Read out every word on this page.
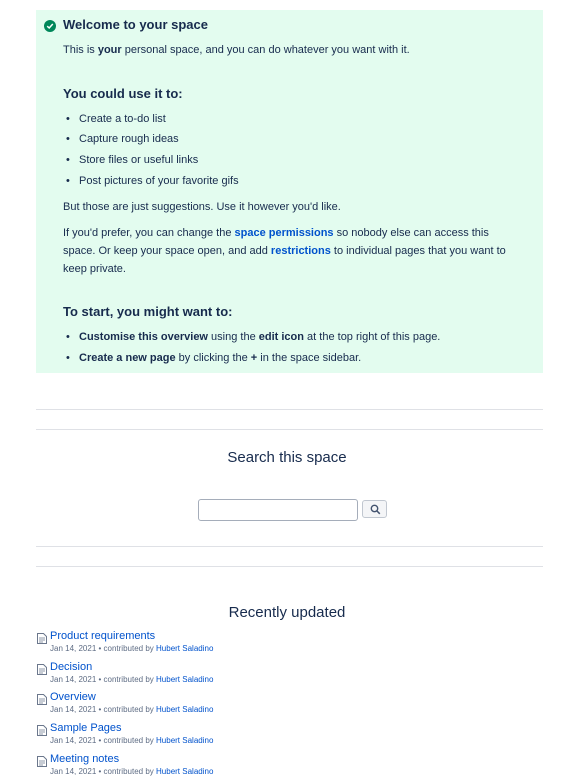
Welcome to your space
This is your personal space, and you can do whatever you want with it.
You could use it to:
• Create a to-do list
• Capture rough ideas
• Store files or useful links
• Post pictures of your favorite gifs
But those are just suggestions. Use it however you'd like.
If you'd prefer, you can change the space permissions so nobody else can access this
space. Or keep your space open, and add restrictions to individual pages that you want to
keep private.
To start, you might want to:
• Customise this overview using the edit icon at the top right of this page.
• Create a new page by clicking the + in the space sidebar.
Search this space
Recently updated
Product requirements
Jan 14, 2021 • contributed by Hubert Saladino
Decision
Jan 14, 2021 • contributed by Hubert Saladino
Overview
Jan 14, 2021 • contributed by Hubert Saladino
Sample Pages
Jan 14, 2021 • contributed by Hubert Saladino
Meeting notes
Jan 14, 2021 • contributed by Hubert Saladino
